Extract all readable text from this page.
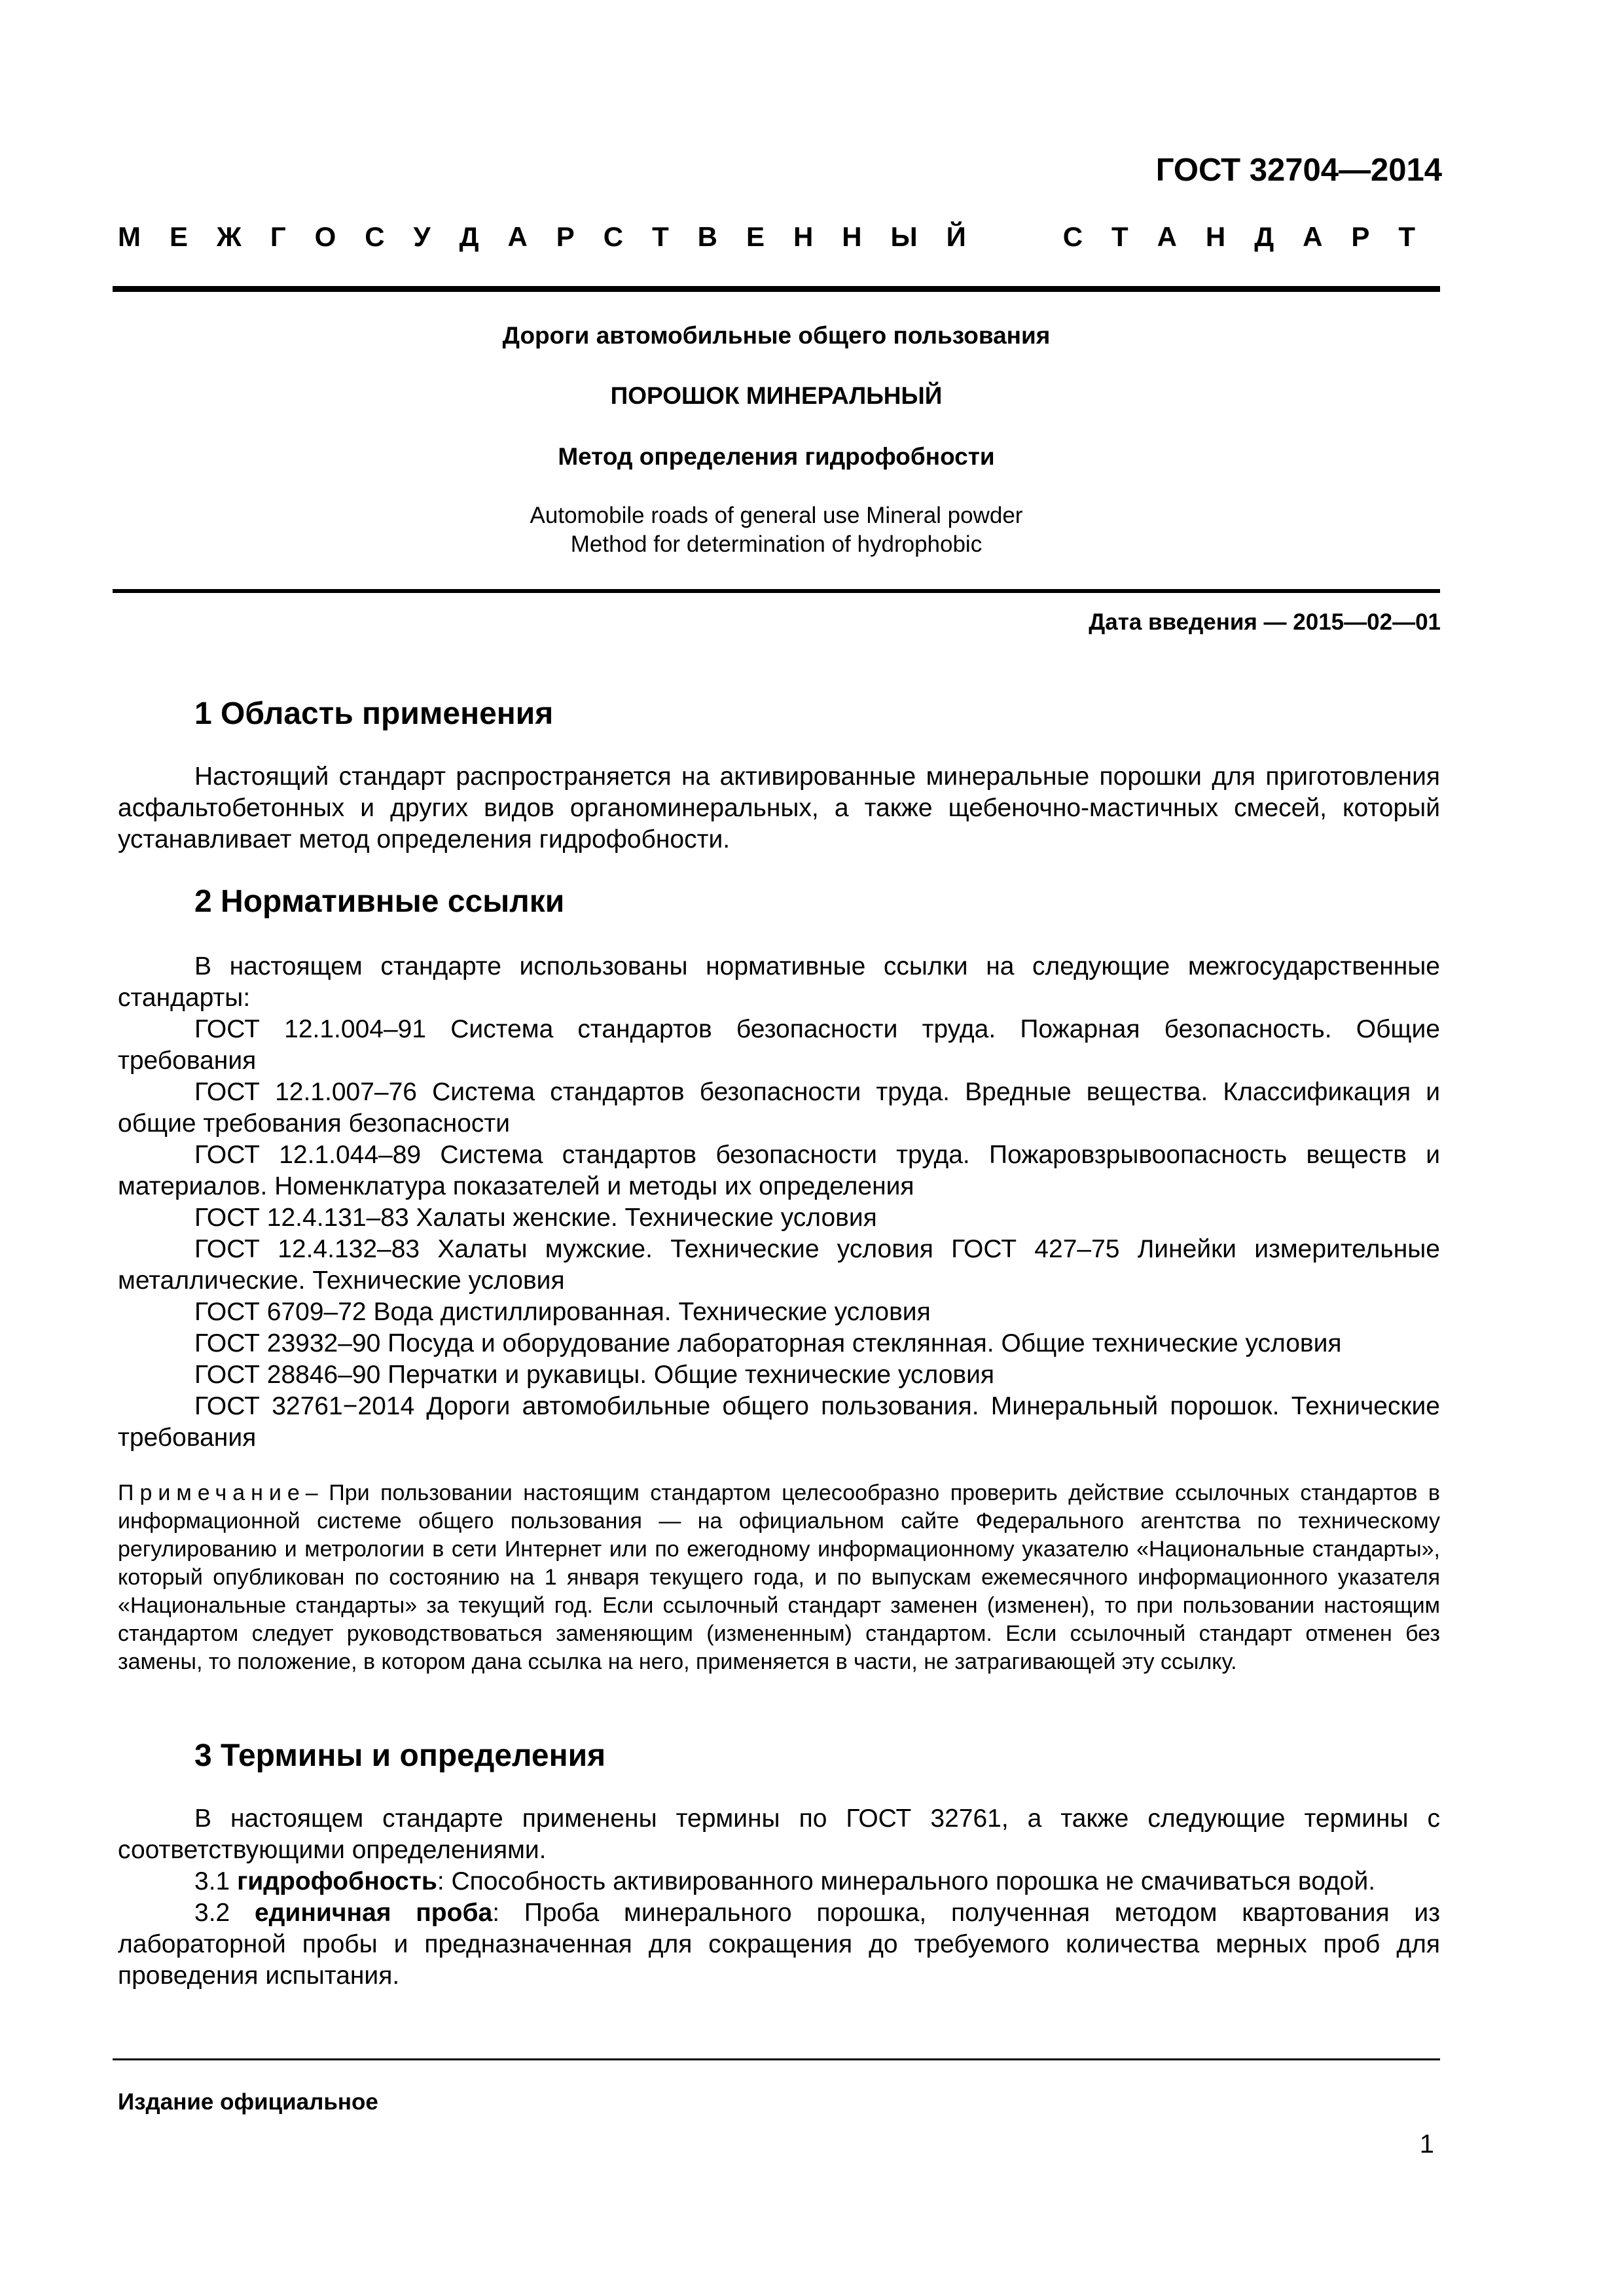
ГОСТ 32704—2014
М Е Ж Г О С У Д А Р С Т В Е Н Н Ы Й	С Т А Н Д А Р Т
Дороги автомобильные общего пользования
ПОРОШОК МИНЕРАЛЬНЫЙ
Метод определения гидрофобности
Automobile roads of general use Mineral powder
Method for determination of hydrophobic
Дата введения — 2015—02—01
1 Область применения

Настоящий стандарт распространяется на активированные минеральные порошки для приготовления асфальтобетонных и других видов органоминеральных, а также щебеночно-мастичных смесей, который устанавливает метод определения гидрофобности.

2 Нормативные ссылки

В настоящем стандарте использованы нормативные ссылки на следующие межгосударственные стандарты:

ГОСТ 12.1.004–91 Система стандартов безопасности труда. Пожарная безопасность. Общие требования

ГОСТ 12.1.007–76 Система стандартов безопасности труда. Вредные вещества. Классификация и общие требования безопасности

ГОСТ 12.1.044–89 Система стандартов безопасности труда. Пожаровзрывоопасность веществ и материалов. Номенклатура показателей и методы их определения

ГОСТ 12.4.131–83 Халаты женские. Технические условия

ГОСТ 12.4.132–83 Халаты мужские. Технические условия ГОСТ 427–75 Линейки измерительные металлические. Технические условия

ГОСТ 6709–72 Вода дистиллированная. Технические условия

ГОСТ 23932–90 Посуда и оборудование лабораторная стеклянная. Общие технические условия

ГОСТ 28846–90 Перчатки и рукавицы. Общие технические условия

ГОСТ 32761−2014 Дороги автомобильные общего пользования. Минеральный порошок. Технические требования

Примечание– При пользовании настоящим стандартом целесообразно проверить действие ссылочных стандартов в информационной системе общего пользования — на официальном сайте Федерального агентства по техническому регулированию и метрологии в сети Интернет или по ежегодному информационному указателю «Национальные стандарты», который опубликован по состоянию на 1 января текущего года, и по выпускам ежемесячного информационного указателя «Национальные стандарты» за текущий год. Если ссылочный стандарт заменен (изменен), то при пользовании настоящим стандартом следует руководствоваться заменяющим (измененным) стандартом. Если ссылочный стандарт отменен без замены, то положение, в котором дана ссылка на него, применяется в части, не затрагивающей эту ссылку.

3 Термины и определения

В настоящем стандарте применены термины по ГОСТ 32761, а также следующие термины с соответствующими определениями.

3.1 гидрофобность: Способность активированного минерального порошка не смачиваться водой.

3.2 единичная проба: Проба минерального порошка, полученная методом квартования из лабораторной пробы и предназначенная для сокращения до требуемого количества мерных проб для проведения испытания.

Издание официальное
1
